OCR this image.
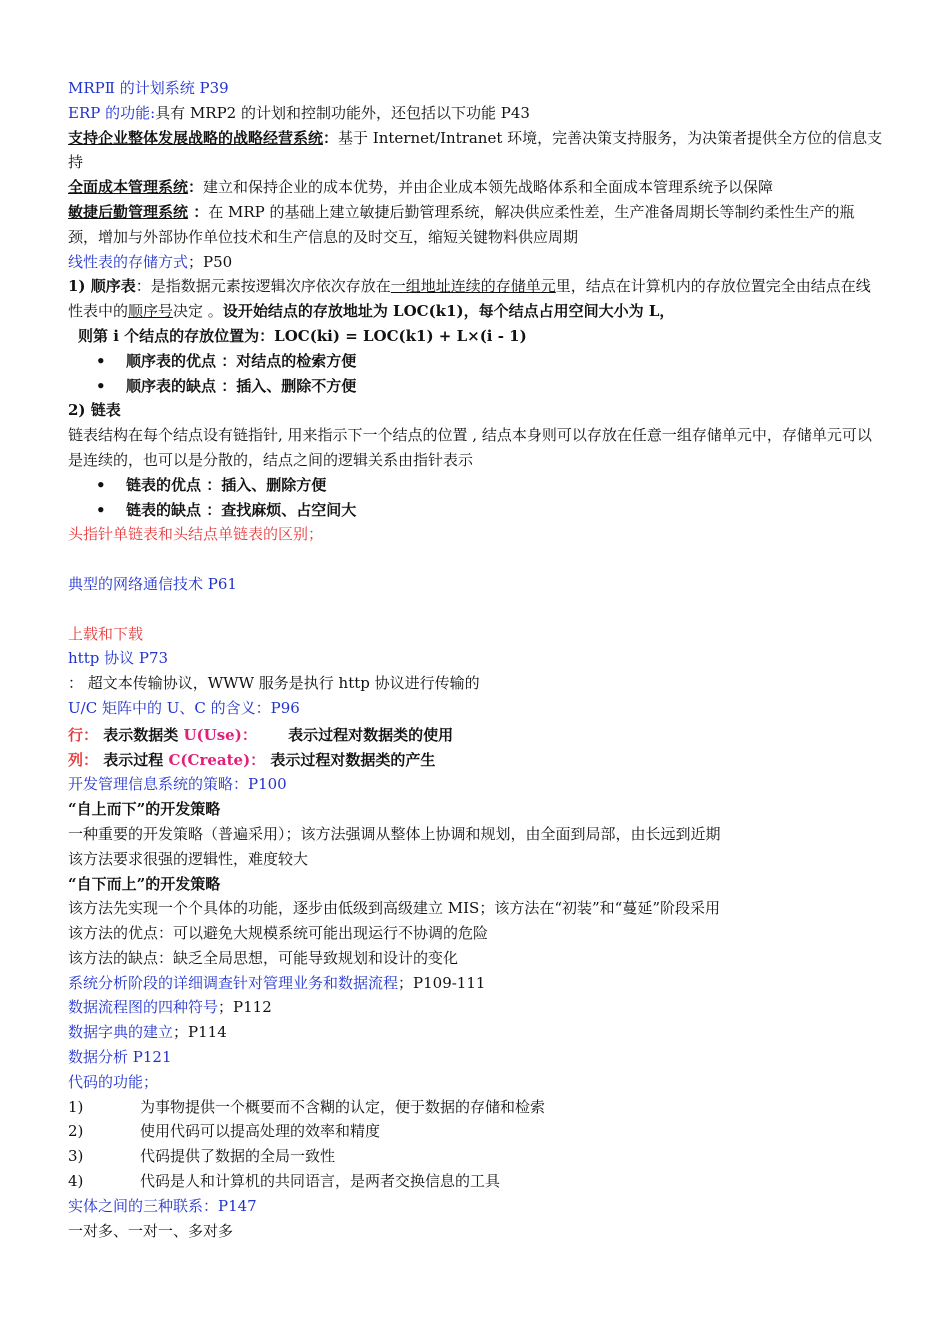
MRPⅡ 的计划系统 P39
ERP 的功能:具有 MRP2 的计划和控制功能外，还包括以下功能 P43
支持企业整体发展战略的战略经营系统：基于 Internet/Intranet 环境，完善决策支持服务，为决策者提供全方位的信息支持
全面成本管理系统：建立和保持企业的成本优势，并由企业成本领先战略体系和全面成本管理系统予以保障
敏捷后勤管理系统 ：在 MRP 的基础上建立敏捷后勤管理系统，解决供应柔性差，生产准备周期长等制约柔性生产的瓶颈，增加与外部协作单位技术和生产信息的及时交互，缩短关键物料供应周期
线性表的存储方式；P50
1) 顺序表：是指数据元素按逻辑次序依次存放在一组地址连续的存储单元里，结点在计算机内的存放位置完全由结点在线性表中的顺序号决定 。设开始结点的存放地址为 LOC(k1)，每个结点占用空间大小为 L，
则第 i 个结点的存放位置为：LOC(ki) = LOC(k1) + L×(i - 1)
• 顺序表的优点 ：对结点的检索方便
• 顺序表的缺点 ：插入、删除不方便
2) 链表
链表结构在每个结点设有链指针, 用来指示下一个结点的位置 , 结点本身则可以存放在任意一组存储单元中，存储单元可以是连续的，也可以是分散的，结点之间的逻辑关系由指针表示
• 链表的优点 ：插入、删除方便
• 链表的缺点 ：查找麻烦、占空间大
头指针单链表和头结点单链表的区别；
典型的网络通信技术 P61
上载和下载
http 协议 P73
： 超文本传输协议，WWW 服务是执行 http 协议进行传输的
U/C 矩阵中的 U、C 的含义：P96
行： 表示数据类 U(Use)：      表示过程对数据类的使用
列： 表示过程 C(Create)： 表示过程对数据类的产生
开发管理信息系统的策略：P100
“自上而下”的开发策略
一种重要的开发策略（普遍采用）；该方法强调从整体上协调和规划，由全面到局部，由长远到近期
该方法要求很强的逻辑性，难度较大
“自下而上”的开发策略
该方法先实现一个个具体的功能，逐步由低级到高级建立 MIS；该方法在“初装”和“蔓延”阶段采用
该方法的优点：可以避免大规模系统可能出现运行不协调的危险
该方法的缺点：缺乏全局思想，可能导致规划和设计的变化
系统分析阶段的详细调查针对管理业务和数据流程；P109-111
数据流程图的四种符号；P112
数据字典的建立；P114
数据分析 P121
代码的功能；
1)	为事物提供一个概要而不含糊的认定，便于数据的存储和检索
2)	使用代码可以提高处理的效率和精度
3)	代码提供了数据的全局一致性
4)	代码是人和计算机的共同语言，是两者交换信息的工具
实体之间的三种联系：P147
一对多、一对一、多对多
